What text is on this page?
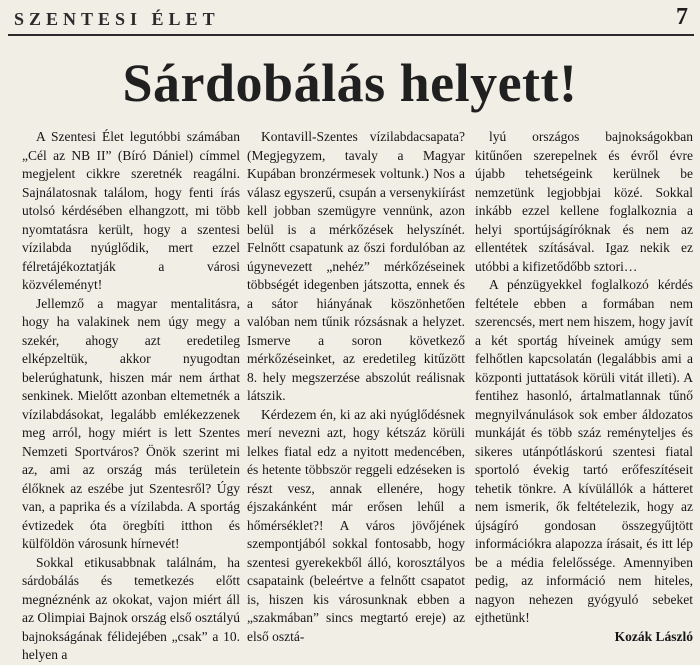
SZENTESI ÉLET	7
Sárdobálás helyett!

A Szentesi Élet legutóbbi számában „Cél az NB II” (Bíró Dániel) címmel megjelent cikkre szeretnék reagálni. Sajnálatosnak találom, hogy fenti írás utolsó kérdésében elhangzott, mi több nyomtatásra került, hogy a szentesi vízilabda nyúglődik, mert ezzel félretájékoztatják a városi közvéleményt!

Jellemző a magyar mentalitásra, hogy ha valakinek nem úgy megy a szekér, ahogy azt eredetileg elképzeltük, akkor nyugodtan belerúghatunk, hiszen már nem árthat senkinek. Mielőtt azonban eltemetnék a vízilabdásokat, legalább emlékezzenek meg arról, hogy miért is lett Szentes Nemzeti Sportváros? Önök szerint mi az, ami az ország más területein élőknek az eszébe jut Szentesről? Úgy van, a paprika és a vízilabda. A sportág évtizedek óta öregbíti itthon és külföldön városunk hírnevét!

Sokkal etikusabbnak találnám, ha sárdobálás és temetkezés előtt megnéznénk az okokat, vajon miért áll az Olimpiai Bajnok ország első osztályú bajnokságának félidejében „csak” a 10. helyen a

Kontavill-Szentes vízilabdacsapata? (Megjegyzem, tavaly a Magyar Kupában bronzérmesek voltunk.) Nos a válasz egyszerű, csupán a versenykiírást kell jobban szemügyre vennünk, azon belül is a mérkőzések helyszínét. Felnőtt csapatunk az őszi fordulóban az úgynevezett „nehéz” mérkőzéseinek többségét idegenben játszotta, ennek és a sátor hiányának köszönhetően valóban nem tűnik rózsásnak a helyzet. Ismerve a soron következő mérkőzéseinket, az eredetileg kitűzött 8. hely megszerzése abszolút reálisnak látszik.

Kérdezem én, ki az aki nyúglődésnek merí nevezni azt, hogy kétszáz körüli lelkes fiatal edz a nyitott medencében, és hetente többször reggeli edzéseken is részt vesz, annak ellenére, hogy éjszakánként már erősen lehűl a hőmérséklet?! A város jövőjének szempontjából sokkal fontosabb, hogy szentesi gyerekekből álló, korosztályos csapataink (beleértve a felnőtt csapatot is, hiszen kis városunknak ebben a „szakmában” sincs megtartó ereje) az első osztá-

lyú országos bajnokságokban kitűnően szerepelnek és évről évre újabb tehetségeink kerülnek be nemzetünk legjobbjai közé. Sokkal inkább ezzel kellene foglalkoznia a helyi sportújságíróknak és nem az ellentétek szításával. Igaz nekik ez utóbbi a kifizetődőbb sztori…

A pénzügyekkel foglalkozó kérdés feltétele ebben a formában nem szerencsés, mert nem hiszem, hogy javít a két sportág híveinek amúgy sem felhőtlen kapcsolatán (legalábbis ami a központi juttatások körüli vitát illeti). A fentihez hasonló, ártalmatlannak tűnő megnyilvánulások sok ember áldozatos munkáját és több száz reményteljes és sikeres utánpótláskorú szentesi fiatal sportoló évekig tartó erőfeszítéseit tehetik tönkre. A kívülállók a hátteret nem ismerik, ők feltételezik, hogy az újságíró gondosan összegyűjtött információkra alapozza írásait, és itt lép be a média felelőssége. Amennyiben pedig, az információ nem hiteles, nagyon nehezen gyógyuló sebeket ejthetünk!

Kozák László
